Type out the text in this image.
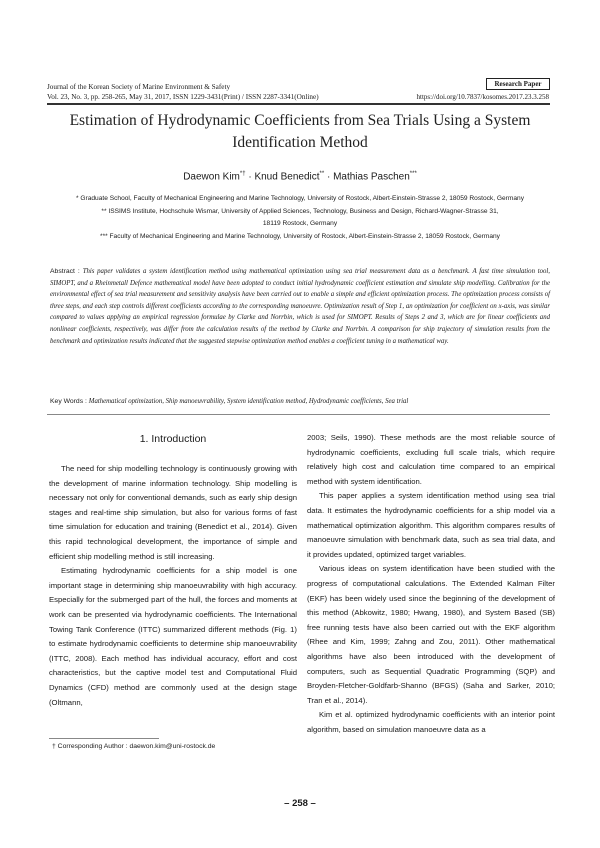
Journal of the Korean Society of Marine Environment & Safety
Vol. 23, No. 3, pp. 258-265, May 31, 2017, ISSN 1229-3431(Print) / ISSN 2287-3341(Online)
Research Paper
https://doi.org/10.7837/kosomes.2017.23.3.258
Estimation of Hydrodynamic Coefficients from Sea Trials Using a System
Identification Method
Daewon Kim*† · Knud Benedict** · Mathias Paschen***
* Graduate School, Faculty of Mechanical Engineering and Marine Technology, University of Rostock, Albert-Einstein-Strasse 2, 18059 Rostock, Germany
** ISSIMS Institute, Hochschule Wismar, University of Applied Sciences, Technology, Business and Design, Richard-Wagner-Strasse 31,
18119 Rostock, Germany
*** Faculty of Mechanical Engineering and Marine Technology, University of Rostock, Albert-Einstein-Strasse 2, 18059 Rostock, Germany
Abstract : This paper validates a system identification method using mathematical optimization using sea trial measurement data as a benchmark. A fast time simulation tool, SIMOPT, and a Rheinmetall Defence mathematical model have been adopted to conduct initial hydrodynamic coefficient estimation and simulate ship modelling. Calibration for the environmental effect of sea trial measurement and sensitivity analysis have been carried out to enable a simple and efficient optimization process. The optimization process consists of three steps, and each step controls different coefficients according to the corresponding manoeuvre. Optimization result of Step 1, an optimization for coefficient on x-axis, was similar compared to values applying an empirical regression formulae by Clarke and Norrbin, which is used for SIMOPT. Results of Steps 2 and 3, which are for linear coefficients and nonlinear coefficients, respectively, was differ from the calculation results of the method by Clarke and Norrbin. A comparison for ship trajectory of simulation results from the benchmark and optimization results indicated that the suggested stepwise optimization method enables a coefficient tuning in a mathematical way.
Key Words : Mathematical optimization, Ship manoeuvrability, System identification method, Hydrodynamic coefficients, Sea trial
1. Introduction

The need for ship modelling technology is continuously growing with the development of marine information technology. Ship modelling is necessary not only for conventional demands, such as early ship design stages and real-time ship simulation, but also for various forms of fast time simulation for education and training (Benedict et al., 2014). Given this rapid technological development, the importance of simple and efficient ship modelling method is still increasing.

Estimating hydrodynamic coefficients for a ship model is one important stage in determining ship manoeuvrability with high accuracy. Especially for the submerged part of the hull, the forces and moments at work can be presented via hydrodynamic coefficients. The International Towing Tank Conference (ITTC) summarized different methods (Fig. 1) to estimate hydrodynamic coefficients to determine ship manoeuvrability (ITTC, 2008). Each method has individual accuracy, effort and cost characteristics, but the captive model test and Computational Fluid Dynamics (CFD) method are commonly used at the design stage (Oltmann,

2003; Seils, 1990). These methods are the most reliable source of hydrodynamic coefficients, excluding full scale trials, which require relatively high cost and calculation time compared to an empirical method with system identification.

This paper applies a system identification method using sea trial data. It estimates the hydrodynamic coefficients for a ship model via a mathematical optimization algorithm. This algorithm compares results of manoeuvre simulation with benchmark data, such as sea trial data, and it provides updated, optimized target variables.

Various ideas on system identification have been studied with the progress of computational calculations. The Extended Kalman Filter (EKF) has been widely used since the beginning of the development of this method (Abkowitz, 1980; Hwang, 1980), and System Based (SB) free running tests have also been carried out with the EKF algorithm (Rhee and Kim, 1999; Zahng and Zou, 2011). Other mathematical algorithms have also been introduced with the development of computers, such as Sequential Quadratic Programming (SQP) and Broyden-Fletcher-Goldfarb-Shanno (BFGS) (Saha and Sarker, 2010; Tran et al., 2014).

Kim et al. optimized hydrodynamic coefficients with an interior point algorithm, based on simulation manoeuvre data as a

† Corresponding Author : daewon.kim@uni-rostock.de
– 258 –
